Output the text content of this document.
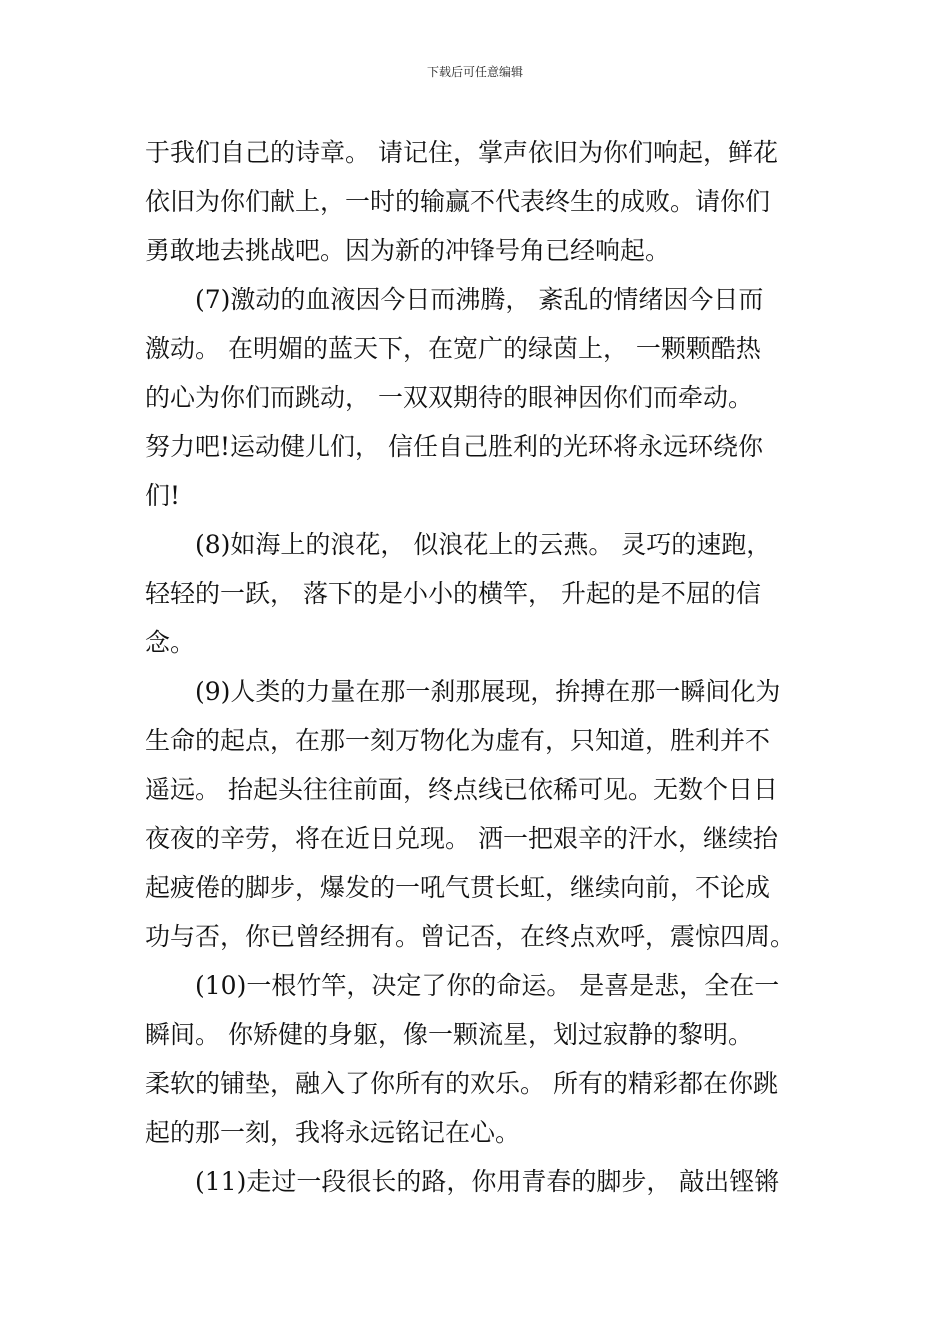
下载后可任意编辑
于我们自己的诗章。 请记住，掌声依旧为你们响起，鲜花
依旧为你们献上，一时的输赢不代表终生的成败。请你们
勇敢地去挑战吧。因为新的冲锋号角已经响起。
(7)激动的血液因今日而沸腾， 紊乱的情绪因今日而
激动。 在明媚的蓝天下，在宽广的绿茵上， 一颗颗酷热
的心为你们而跳动， 一双双期待的眼神因你们而牵动。
努力吧!运动健儿们， 信任自己胜利的光环将永远环绕你
们!
(8)如海上的浪花， 似浪花上的云燕。 灵巧的速跑，
轻轻的一跃， 落下的是小小的横竿， 升起的是不屈的信
念。
(9)人类的力量在那一刹那展现，拚搏在那一瞬间化为
生命的起点，在那一刻万物化为虚有，只知道，胜利并不
遥远。 抬起头往往前面，终点线已依稀可见。无数个日日
夜夜的辛劳，将在近日兑现。 洒一把艰辛的汗水，继续抬
起疲倦的脚步，爆发的一吼气贯长虹，继续向前，不论成
功与否，你已曾经拥有。曾记否，在终点欢呼，震惊四周。
(10)一根竹竿，决定了你的命运。 是喜是悲，全在一
瞬间。 你矫健的身躯，像一颗流星，划过寂静的黎明。
柔软的铺垫，融入了你所有的欢乐。 所有的精彩都在你跳
起的那一刻，我将永远铭记在心。
(11)走过一段很长的路，你用青春的脚步， 敲出铿锵
